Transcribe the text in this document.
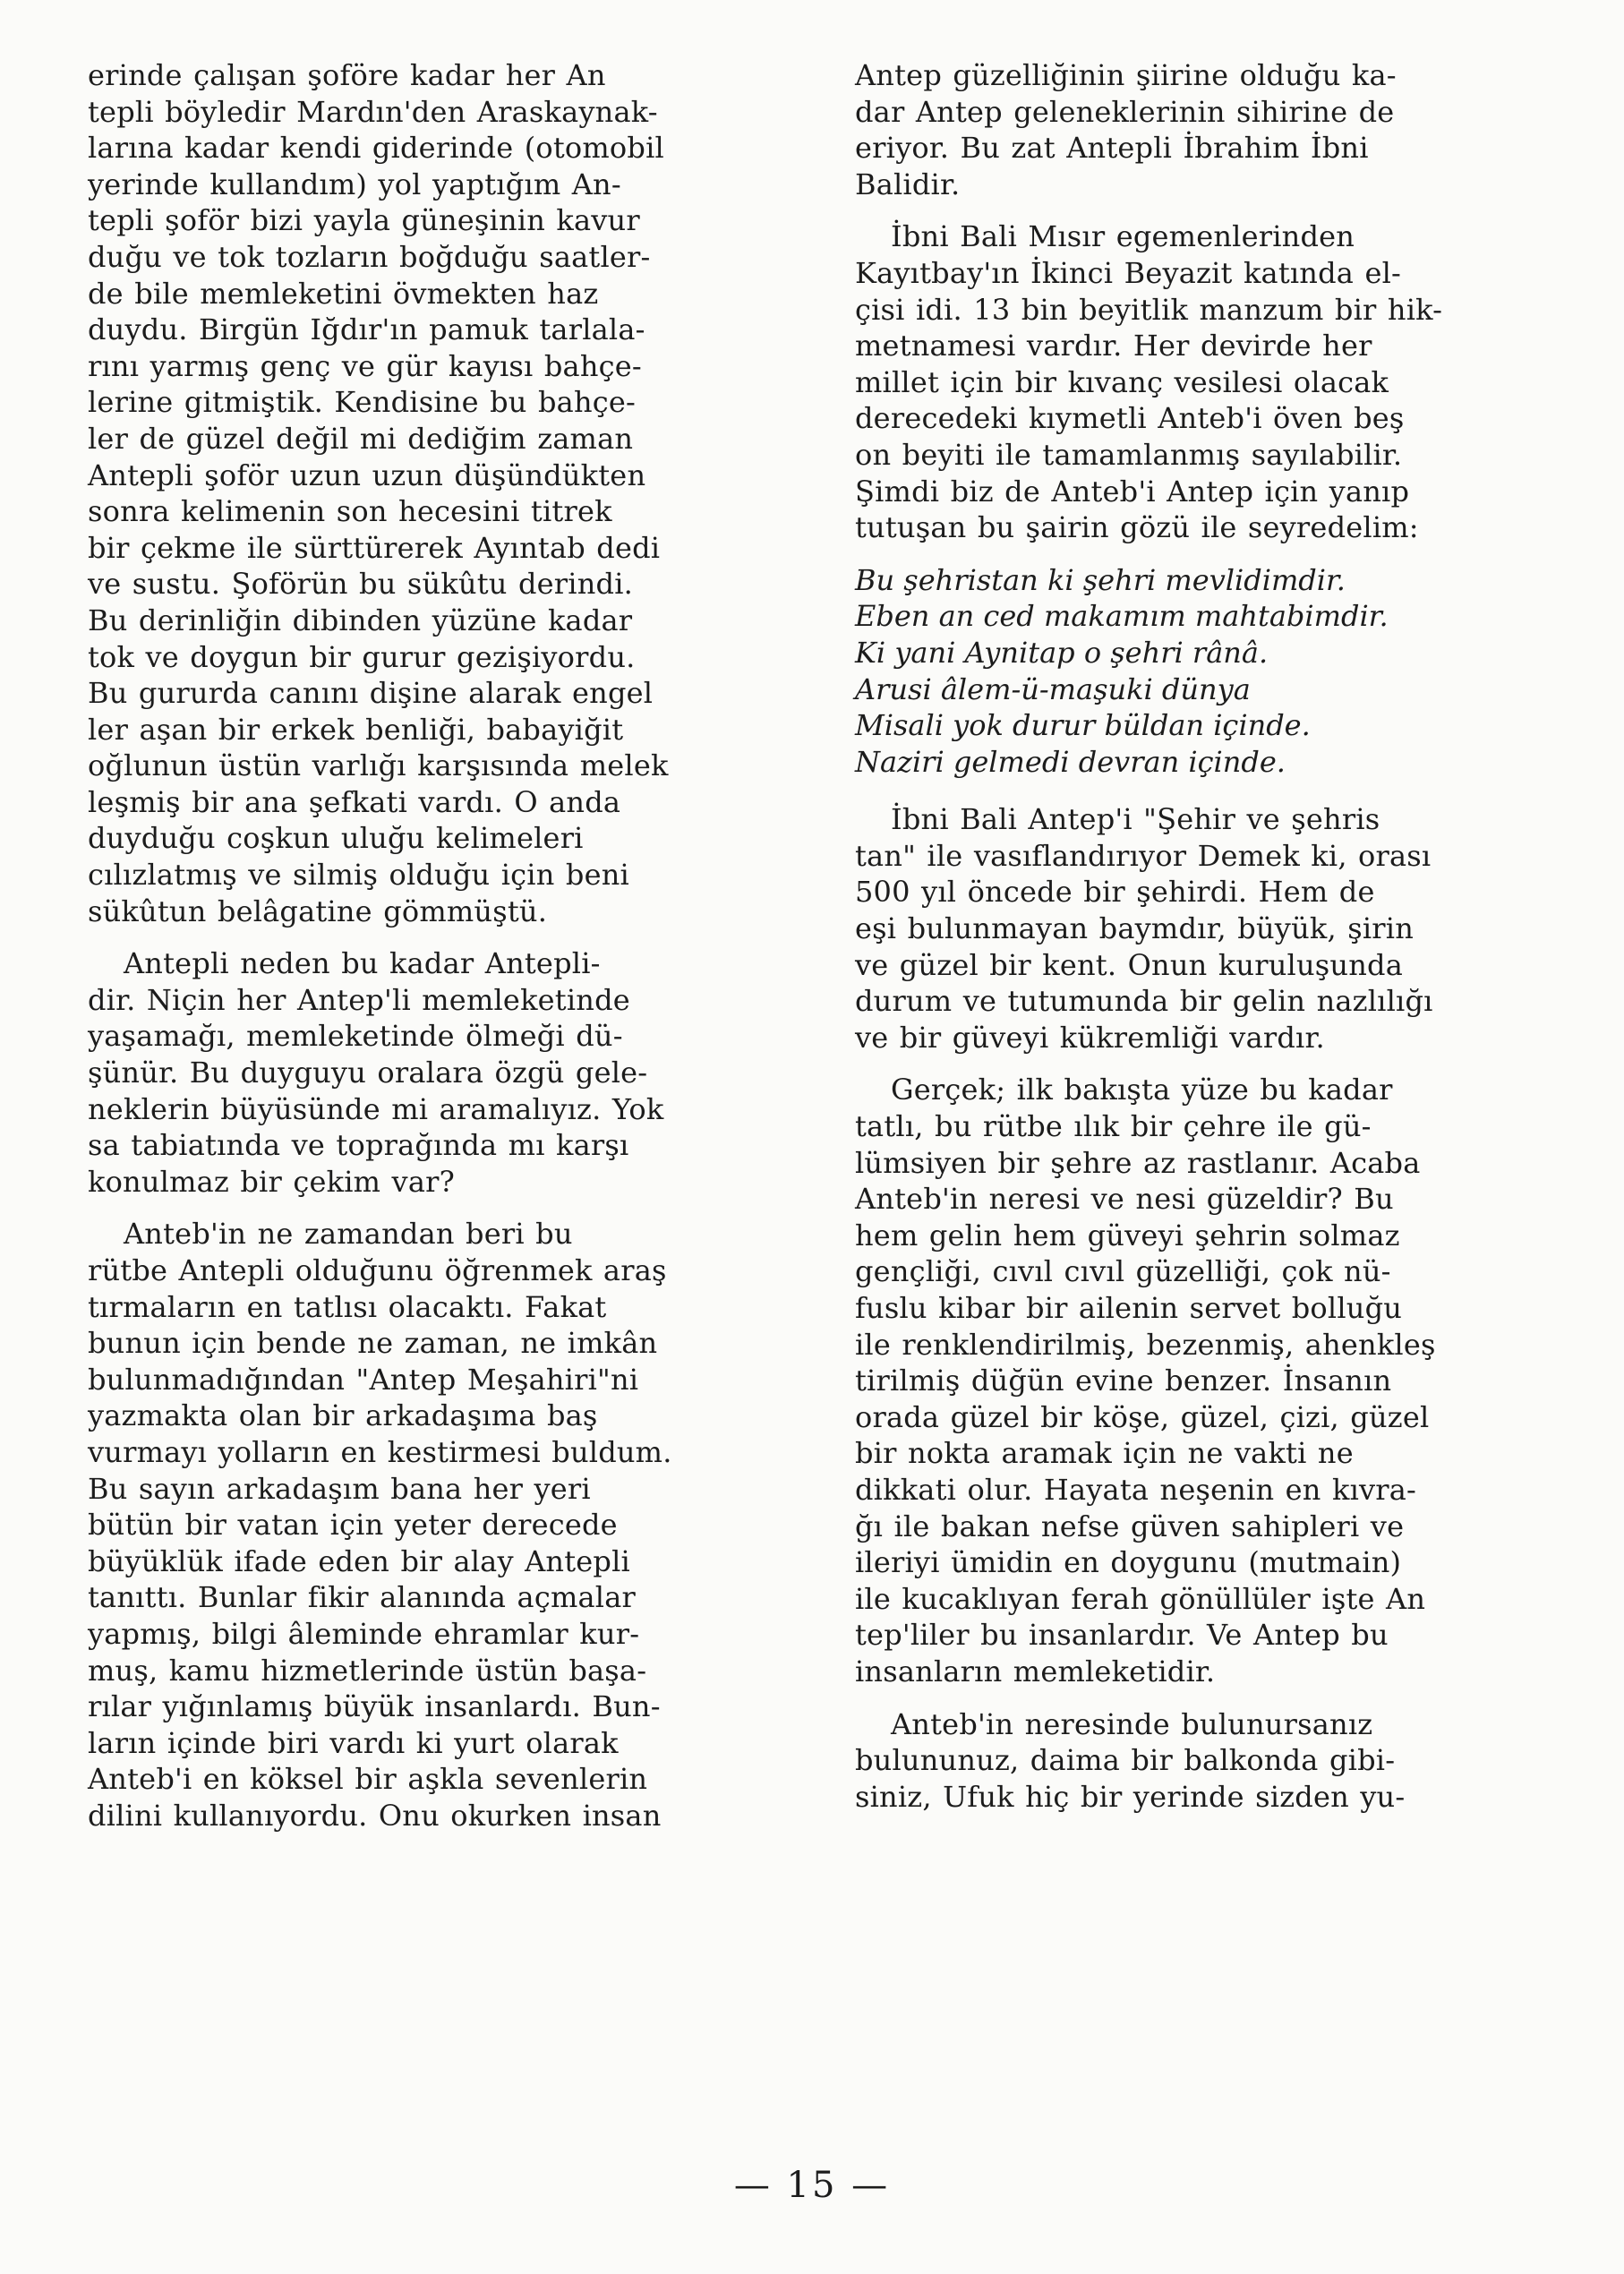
erinde çalışan şoföre kadar her An
tepli böyledir Mardın'den Araskaynak-
larına kadar kendi giderinde (otomobil
yerinde kullandım) yol yaptığım An-
tepli şoför bizi yayla güneşinin kavur
duğu ve tok tozların boğduğu saatler-
de bile memleketini övmekten haz
duydu. Birgün Iğdır'ın pamuk tarlala-
rını yarmış genç ve gür kayısı bahçe-
lerine gitmiştik. Kendisine bu bahçe-
ler de güzel değil mi dediğim zaman
Antepli şoför uzun uzun düşündükten
sonra kelimenin son hecesini titrek
bir çekme ile sürttürerek Ayıntab dedi
ve sustu. Şoförün bu sükûtu derindi.
Bu derinliğin dibinden yüzüne kadar
tok ve doygun bir gurur gezişiyordu.
Bu gururda canını dişine alarak engel
ler aşan bir erkek benliği, babayiğit
oğlunun üstün varlığı karşısında melek
leşmiş bir ana şefkati vardı. O anda
duyduğu coşkun uluğu kelimeleri
cılızlatmış ve silmiş olduğu için beni
sükûtun belâgatine gömmüştü.

Antepli neden bu kadar Antepli-
dir. Niçin her Antep'li memleketinde
yaşamağı, memleketinde ölmeği dü-
şünür. Bu duyguyu oralara özgü gele-
neklerin büyüsünde mi aramalıyız. Yok
sa tabiatında ve toprağında mı karşı
konulmaz bir çekim var?

Anteb'in ne zamandan beri bu
rütbe Antepli olduğunu öğrenmek araş
tırmaların en tatlısı olacaktı. Fakat
bunun için bende ne zaman, ne imkân
bulunmadığından "Antep Meşahiri"ni
yazmakta olan bir arkadaşıma baş
vurmayı yolların en kestirmesi buldum.
Bu sayın arkadaşım bana her yeri
bütün bir vatan için yeter derecede
büyüklük ifade eden bir alay Antepli
tanıttı. Bunlar fikir alanında açmalar
yapmış, bilgi âleminde ehramlar kur-
muş, kamu hizmetlerinde üstün başa-
rılar yığınlamış büyük insanlardı. Bun-
ların içinde biri vardı ki yurt olarak
Anteb'i en köksel bir aşkla sevenlerin
dilini kullanıyordu. Onu okurken insan

Antep güzelliğinin şiirine olduğu ka-
dar Antep geleneklerinin sihirine de
eriyor. Bu zat Antepli İbrahim İbni
Balidir.

İbni Bali Mısır egemenlerinden
Kayıtbay'ın İkinci Beyazit katında el-
çisi idi. 13 bin beyitlik manzum bir hik-
metnamesi vardır. Her devirde her
millet için bir kıvanç vesilesi olacak
derecedeki kıymetli Anteb'i öven beş
on beyiti ile tamamlanmış sayılabilir.
Şimdi biz de Anteb'i Antep için yanıp
tutuşan bu şairin gözü ile seyredelim:

Bu şehristan ki şehri mevlidimdir.
Eben an ced makamım mahtabimdir.
Ki yani Aynitap o şehri rânâ.
Arusi âlem-ü-maşuki dünya
Misali yok durur büldan içinde.
Naziri gelmedi devran içinde.

İbni Bali Antep'i "Şehir ve şehris
tan" ile vasıflandırıyor Demek ki, orası
500 yıl öncede bir şehirdi. Hem de
eşi bulunmayan baymdır, büyük, şirin
ve güzel bir kent. Onun kuruluşunda
durum ve tutumunda bir gelin nazlılığı
ve bir güveyi kükremliği vardır.

Gerçek; ilk bakışta yüze bu kadar
tatlı, bu rütbe ılık bir çehre ile gü-
lümsiyen bir şehre az rastlanır. Acaba
Anteb'in neresi ve nesi güzeldir? Bu
hem gelin hem güveyi şehrin solmaz
gençliği, cıvıl cıvıl güzelliği, çok nü-
fuslu kibar bir ailenin servet bolluğu
ile renklendirilmiş, bezenmiş, ahenkleş
tirilmiş düğün evine benzer. İnsanın
orada güzel bir köşe, güzel, çizi, güzel
bir nokta aramak için ne vakti ne
dikkati olur. Hayata neşenin en kıvra-
ğı ile bakan nefse güven sahipleri ve
ileriyi ümidin en doygunu (mutmain)
ile kucaklıyan ferah gönüllüler işte An
tep'liler bu insanlardır. Ve Antep bu
insanların memleketidir.

Anteb'in neresinde bulunursanız
bulununuz, daima bir balkonda gibi-
siniz, Ufuk hiç bir yerinde sizden yu-

— 15 —
